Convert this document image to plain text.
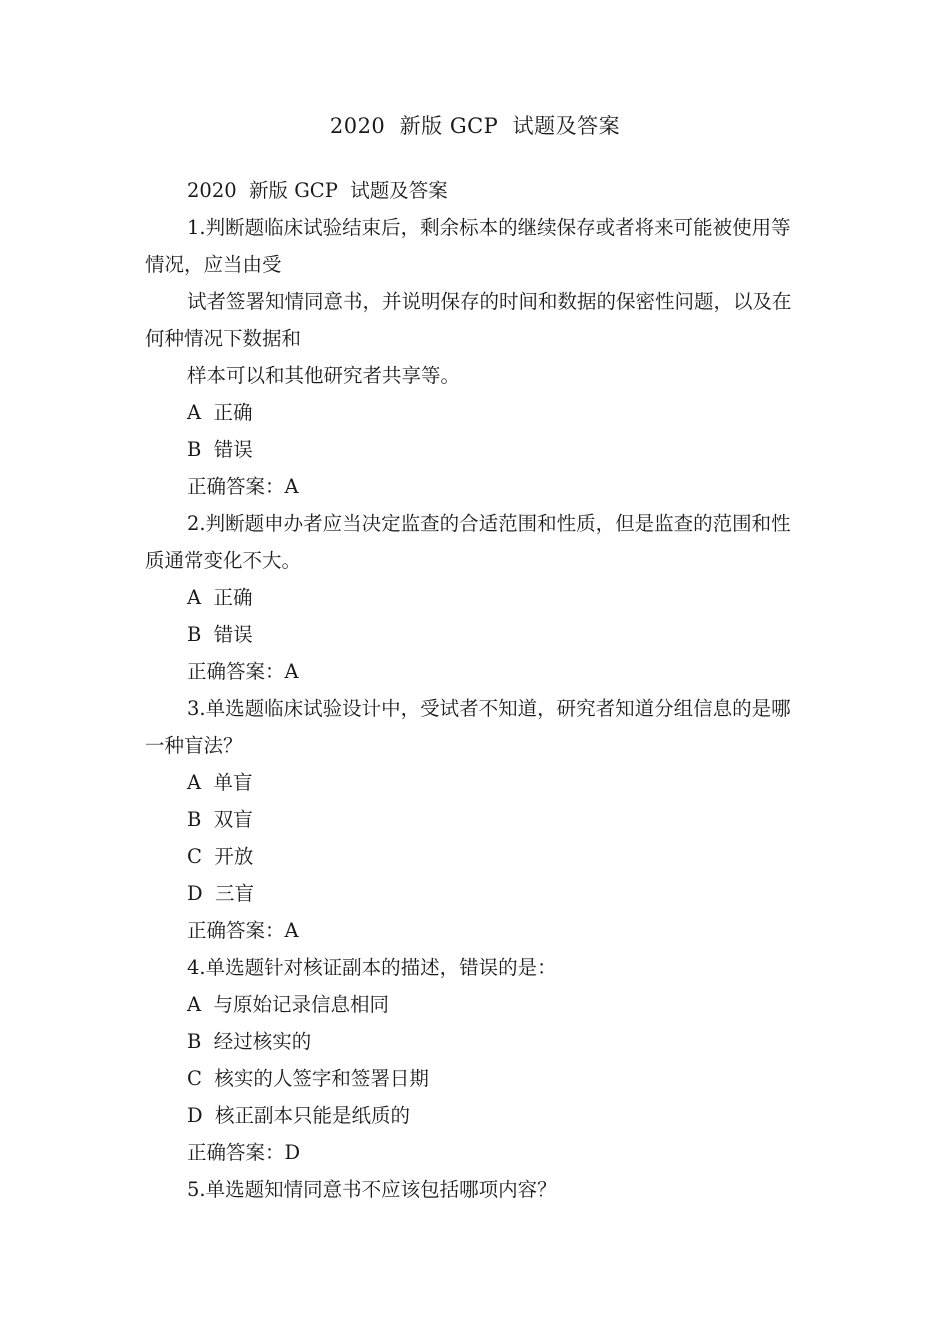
2020  新版 GCP  试题及答案

2020  新版 GCP  试题及答案

1.判断题临床试验结束后，剩余标本的继续保存或者将来可能被使用等情况，应当由受

试者签署知情同意书，并说明保存的时间和数据的保密性问题，以及在何种情况下数据和

样本可以和其他研究者共享等。

A  正确

B  错误

正确答案：A

2.判断题申办者应当决定监查的合适范围和性质，但是监查的范围和性质通常变化不大。

A  正确

B  错误

正确答案：A

3.单选题临床试验设计中，受试者不知道，研究者知道分组信息的是哪一种盲法？

A  单盲

B  双盲

C  开放

D  三盲

正确答案：A

4.单选题针对核证副本的描述，错误的是：

A  与原始记录信息相同

B  经过核实的

C  核实的人签字和签署日期

D  核正副本只能是纸质的

正确答案：D

5.单选题知情同意书不应该包括哪项内容？
